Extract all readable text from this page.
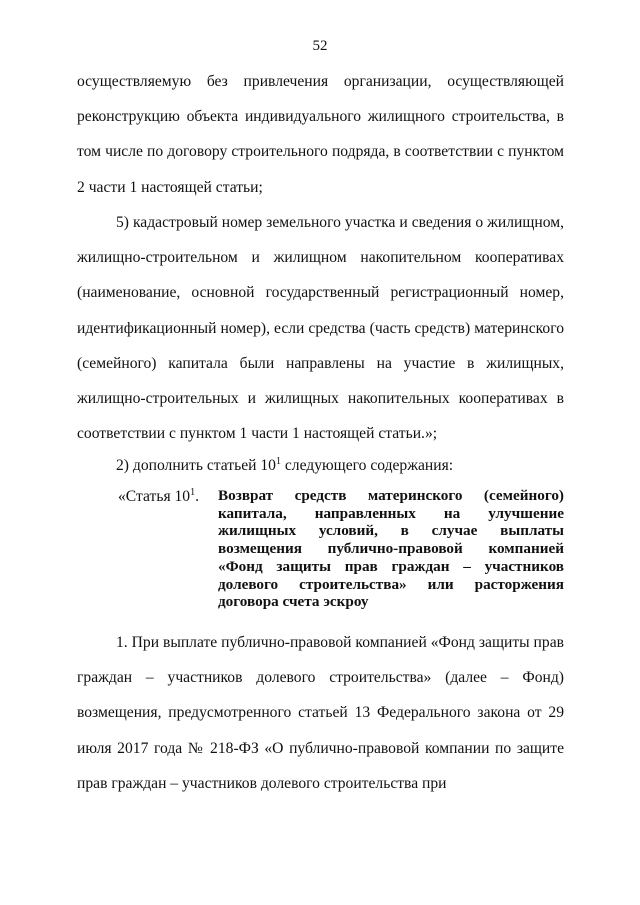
52

осуществляемую без привлечения организации, осуществляющей реконструкцию объекта индивидуального жилищного строительства, в том числе по договору строительного подряда, в соответствии с пунктом 2 части 1 настоящей статьи;

5) кадастровый номер земельного участка и сведения о жилищном, жилищно-строительном и жилищном накопительном кооперативах (наименование, основной государственный регистрационный номер, идентификационный номер), если средства (часть средств) материнского (семейного) капитала были направлены на участие в жилищных, жилищно-строительных и жилищных накопительных кооперативах в соответствии с пунктом 1 части 1 настоящей статьи.»;

2) дополнить статьей $10^1$ следующего содержания:

«Статья $10^1$. Возврат средств материнского (семейного) капитала, направленных на улучшение жилищных условий, в случае выплаты возмещения публично-правовой компанией «Фонд защиты прав граждан – участников долевого строительства» или расторжения договора счета эскроу

1. При выплате публично-правовой компанией «Фонд защиты прав граждан – участников долевого строительства» (далее – Фонд) возмещения, предусмотренного статьей 13 Федерального закона от 29 июля 2017 года № 218-ФЗ «О публично-правовой компании по защите прав граждан – участников долевого строительства при
